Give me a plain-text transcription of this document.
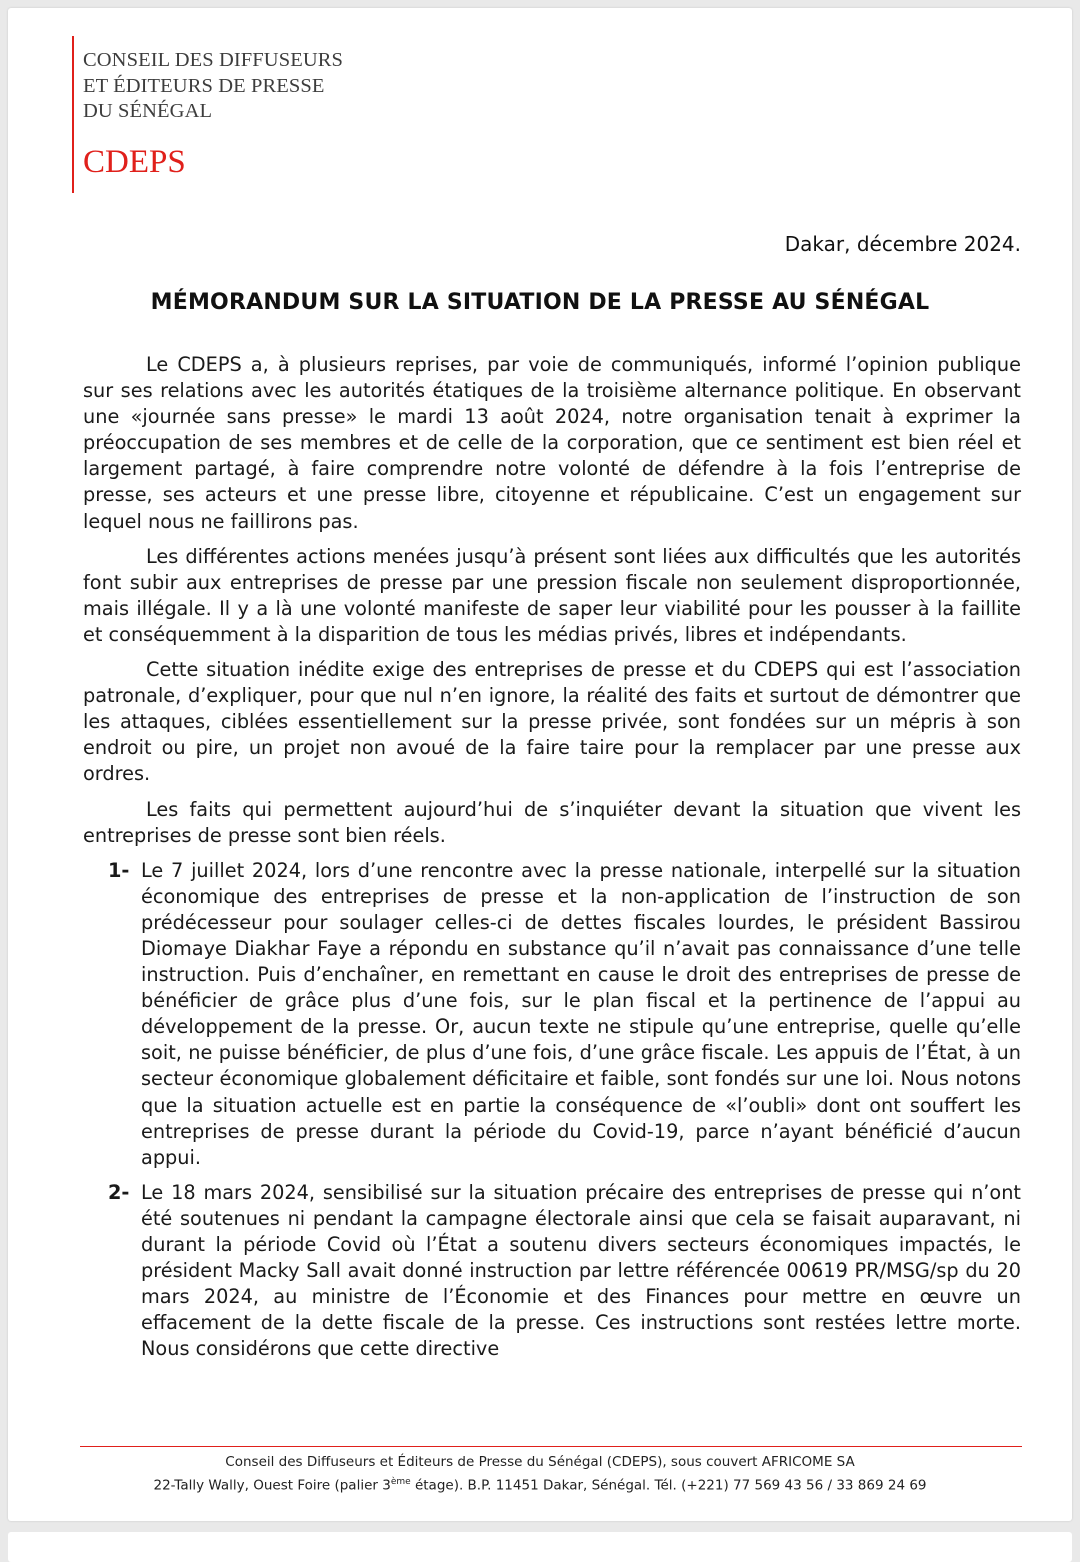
CONSEIL DES DIFFUSEURS
ET ÉDITEURS DE PRESSE
DU SÉNÉGAL
CDEPS
Dakar, décembre 2024.
MÉMORANDUM SUR LA SITUATION DE LA PRESSE AU SÉNÉGAL

Le CDEPS a, à plusieurs reprises, par voie de communiqués, informé l’opinion publique sur ses relations avec les autorités étatiques de la troisième alternance politique. En observant une «journée sans presse» le mardi 13 août 2024, notre organisation tenait à exprimer la préoccupation de ses membres et de celle de la corporation, que ce sentiment est bien réel et largement partagé, à faire comprendre notre volonté de défendre à la fois l’entreprise de presse, ses acteurs et une presse libre, citoyenne et républicaine. C’est un engagement sur lequel nous ne faillirons pas.

Les différentes actions menées jusqu’à présent sont liées aux difficultés que les autorités font subir aux entreprises de presse par une pression fiscale non seulement disproportionnée, mais illégale. Il y a là une volonté manifeste de saper leur viabilité pour les pousser à la faillite et conséquemment à la disparition de tous les médias privés, libres et indépendants.

Cette situation inédite exige des entreprises de presse et du CDEPS qui est l’association patronale, d’expliquer, pour que nul n’en ignore, la réalité des faits et surtout de démontrer que les attaques, ciblées essentiellement sur la presse privée, sont fondées sur un mépris à son endroit ou pire, un projet non avoué de la faire taire pour la remplacer par une presse aux ordres.

Les faits qui permettent aujourd’hui de s’inquiéter devant la situation que vivent les entreprises de presse sont bien réels.

1- Le 7 juillet 2024, lors d’une rencontre avec la presse nationale, interpellé sur la situation économique des entreprises de presse et la non-application de l’instruction de son prédécesseur pour soulager celles-ci de dettes fiscales lourdes, le président Bassirou Diomaye Diakhar Faye a répondu en substance qu’il n’avait pas connaissance d’une telle instruction. Puis d’enchaîner, en remettant en cause le droit des entreprises de presse de bénéficier de grâce plus d’une fois, sur le plan fiscal et la pertinence de l’appui au développement de la presse. Or, aucun texte ne stipule qu’une entreprise, quelle qu’elle soit, ne puisse bénéficier, de plus d’une fois, d’une grâce fiscale. Les appuis de l’État, à un secteur économique globalement déficitaire et faible, sont fondés sur une loi. Nous notons que la situation actuelle est en partie la conséquence de «l’oubli» dont ont souffert les entreprises de presse durant la période du Covid-19, parce n’ayant bénéficié d’aucun appui.
2- Le 18 mars 2024, sensibilisé sur la situation précaire des entreprises de presse qui n’ont été soutenues ni pendant la campagne électorale ainsi que cela se faisait auparavant, ni durant la période Covid où l’État a soutenu divers secteurs économiques impactés, le président Macky Sall avait donné instruction par lettre référencée 00619 PR/MSG/sp du 20 mars 2024, au ministre de l’Économie et des Finances pour mettre en œuvre un effacement de la dette fiscale de la presse. Ces instructions sont restées lettre morte. Nous considérons que cette directive
Conseil des Diffuseurs et Éditeurs de Presse du Sénégal (CDEPS), sous couvert AFRICOME SA
22-Tally Wally, Ouest Foire (palier 3ème étage). B.P. 11451 Dakar, Sénégal. Tél. (+221) 77 569 43 56 / 33 869 24 69
